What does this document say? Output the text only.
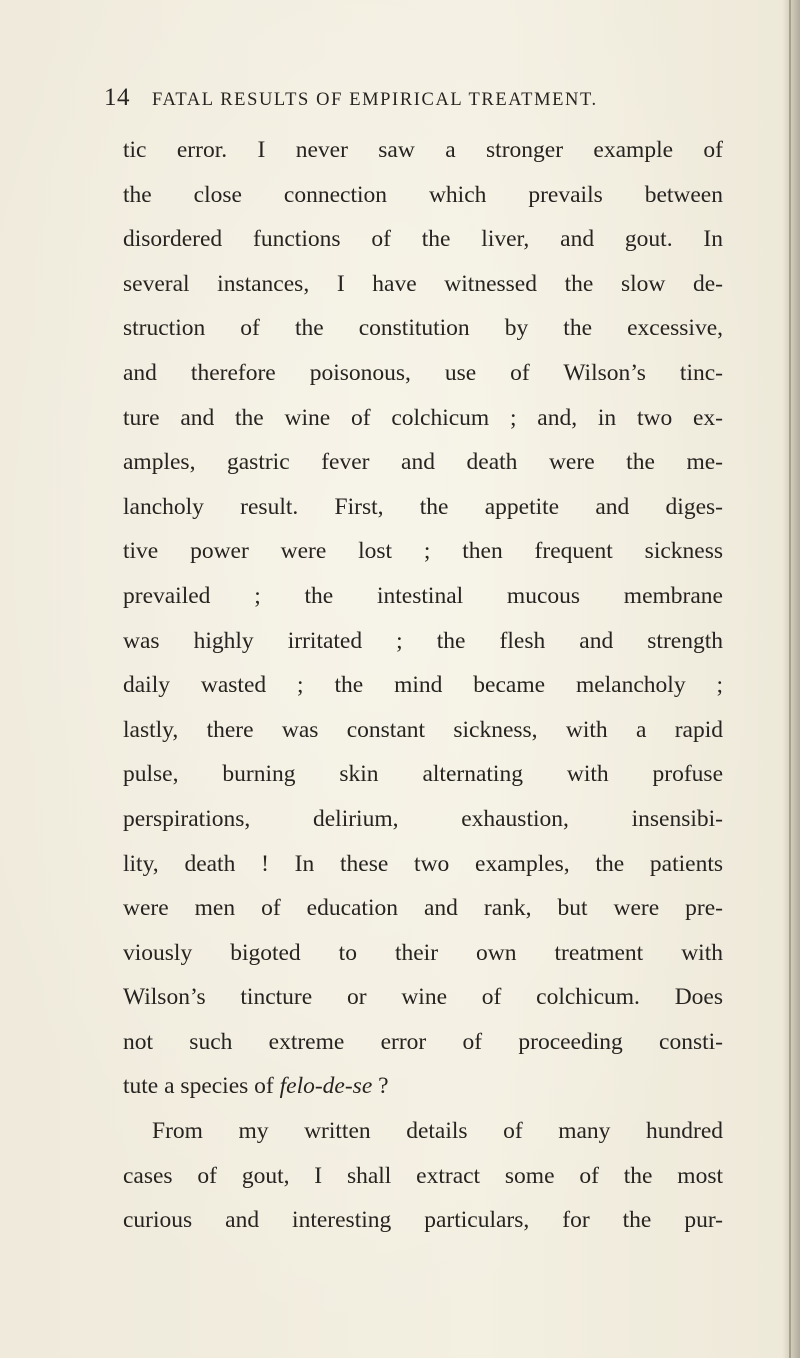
14 FATAL RESULTS OF EMPIRICAL TREATMENT.
tic error. I never saw a stronger example of
the close connection which prevails between
disordered functions of the liver, and gout. In
several instances, I have witnessed the slow de-
struction of the constitution by the excessive,
and therefore poisonous, use of Wilson’s tinc-
ture and the wine of colchicum ; and, in two ex-
amples, gastric fever and death were the me-
lancholy result. First, the appetite and diges-
tive power were lost ; then frequent sickness
prevailed ; the intestinal mucous membrane
was highly irritated ; the flesh and strength
daily wasted ; the mind became melancholy ;
lastly, there was constant sickness, with a rapid
pulse, burning skin alternating with profuse
perspirations, delirium, exhaustion, insensibi-
lity, death ! In these two examples, the patients
were men of education and rank, but were pre-
viously bigoted to their own treatment with
Wilson’s tincture or wine of colchicum. Does
not such extreme error of proceeding consti-
tute a species of felo-de-se ?
From my written details of many hundred
cases of gout, I shall extract some of the most
curious and interesting particulars, for the pur-
